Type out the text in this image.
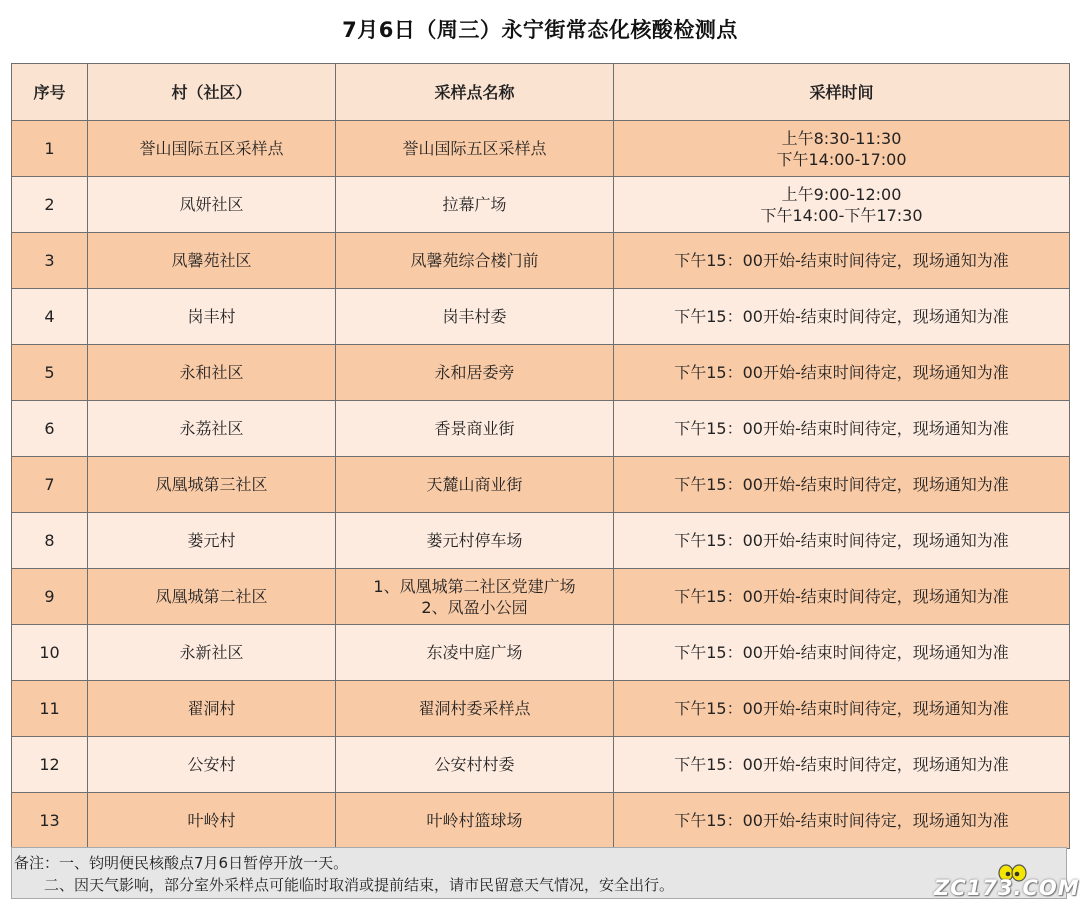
7月6日（周三）永宁街常态化核酸检测点
序号	村（社区）	采样点名称	采样时间
1	誉山国际五区采样点	誉山国际五区采样点	上午8:30-11:30
下午14:00-17:00

2	凤妍社区	拉幕广场	上午9:00-12:00
下午14:00-下午17:30

3	凤馨苑社区	凤馨苑综合楼门前	下午15：00开始-结束时间待定，现场通知为准

4	岗丰村	岗丰村委	下午15：00开始-结束时间待定，现场通知为准

5	永和社区	永和居委旁	下午15：00开始-结束时间待定，现场通知为准

6	永荔社区	香景商业街	下午15：00开始-结束时间待定，现场通知为准

7	凤凰城第三社区	天麓山商业街	下午15：00开始-结束时间待定，现场通知为准

8	蒌元村	蒌元村停车场	下午15：00开始-结束时间待定，现场通知为准

9	凤凰城第二社区	1、凤凰城第二社区党建广场
2、凤盈小公园	下午15：00开始-结束时间待定，现场通知为准

10	永新社区	东凌中庭广场	下午15：00开始-结束时间待定，现场通知为准

11	翟洞村	翟洞村委采样点	下午15：00开始-结束时间待定，现场通知为准

12	公安村	公安村村委	下午15：00开始-结束时间待定，现场通知为准

13	叶岭村	叶岭村篮球场	下午15：00开始-结束时间待定，现场通知为准
备注：一、钧明便民核酸点7月6日暂停开放一天。
二、因天气影响，部分室外采样点可能临时取消或提前结束，请市民留意天气情况，安全出行。	ZC173.COM
